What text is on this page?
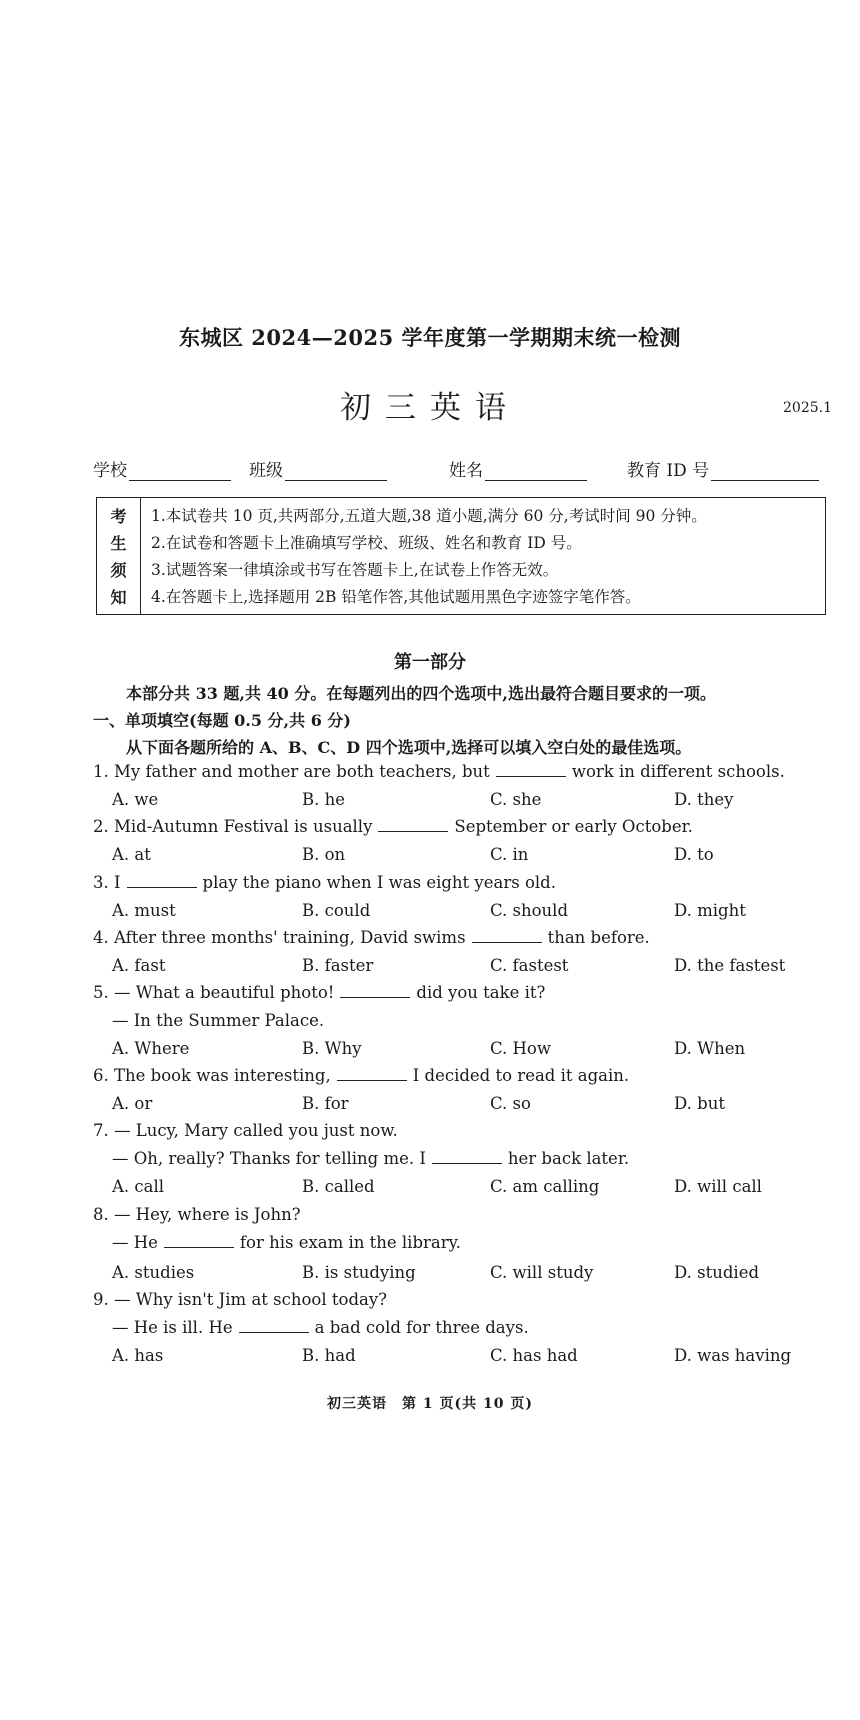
东城区 2024—2025 学年度第一学期期末统一检测
初三英语	2025.1
学校	班级	姓名	教育 ID 号
考
生
须
知
1.本试卷共 10 页,共两部分,五道大题,38 道小题,满分 60 分,考试时间 90 分钟。
2.在试卷和答题卡上准确填写学校、班级、姓名和教育 ID 号。
3.试题答案一律填涂或书写在答题卡上,在试卷上作答无效。
4.在答题卡上,选择题用 2B 铅笔作答,其他试题用黑色字迹签字笔作答。
第一部分
本部分共 33 题,共 40 分。在每题列出的四个选项中,选出最符合题目要求的一项。
一、单项填空(每题 0.5 分,共 6 分)
从下面各题所给的 A、B、C、D 四个选项中,选择可以填入空白处的最佳选项。
1. My father and mother are both teachers, but	work in different schools.
A. we	B. he	C. she	D. they
2. Mid-Autumn Festival is usually	September or early October.
A. at	B. on	C. in	D. to
3. I	play the piano when I was eight years old.
A. must	B. could	C. should	D. might
4. After three months' training, David swims	than before.
A. fast	B. faster	C. fastest	D. the fastest
5. — What a beautiful photo!	did you take it?
— In the Summer Palace.
A. Where	B. Why	C. How	D. When
6. The book was interesting,	I decided to read it again.
A. or	B. for	C. so	D. but
7. — Lucy, Mary called you just now.
— Oh, really? Thanks for telling me. I	her back later.
A. call	B. called	C. am calling	D. will call
8. — Hey, where is John?
— He	for his exam in the library.
A. studies	B. is studying	C. will study	D. studied
9. — Why isn't Jim at school today?
— He is ill. He	a bad cold for three days.
A. has	B. had	C. has had	D. was having
初三英语　第 1 页(共 10 页)
